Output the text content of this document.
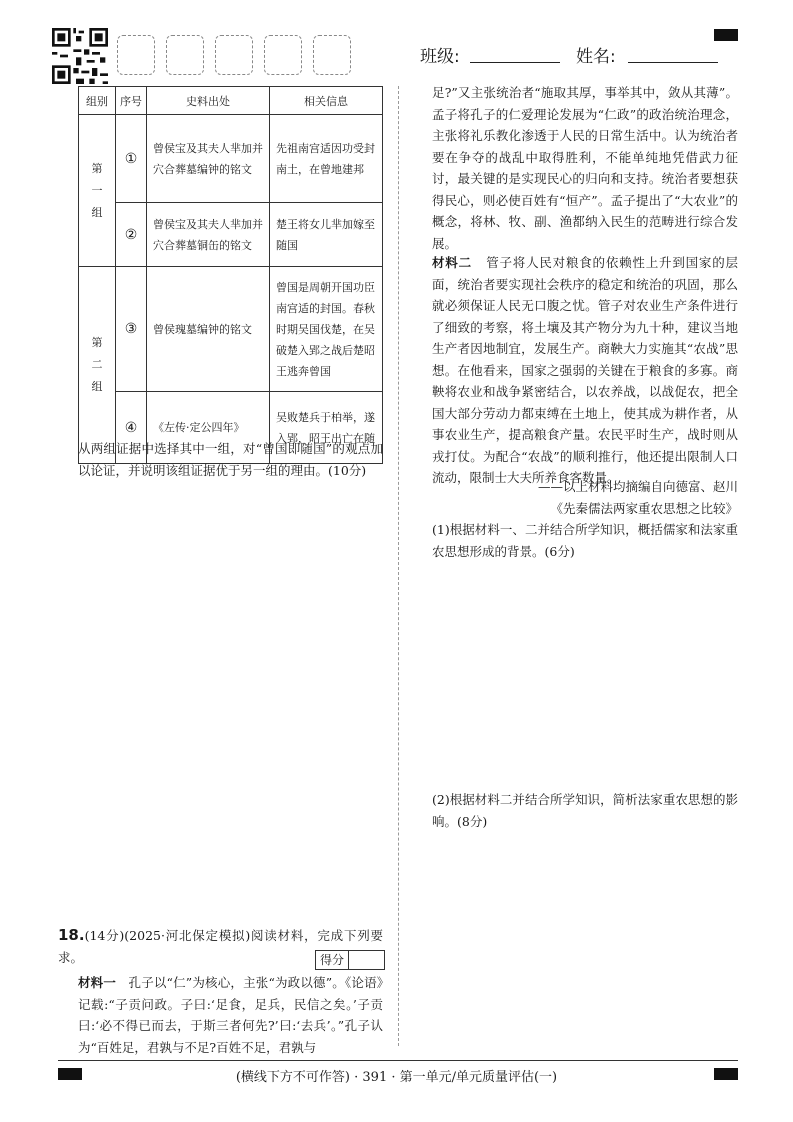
班级:	姓名:
组别	序号	史料出处	相关信息

第一组	①	曾侯宝及其夫人芈加并穴合葬墓编钟的铭文	先祖南宫适因功受封南土，在曾地建邦
	②	曾侯宝及其夫人芈加并穴合葬墓铜缶的铭文	楚王将女儿芈加嫁至随国

第二组	③	曾侯瑰墓编钟的铭文	曾国是周朝开国功臣南宫适的封国。春秋时期吴国伐楚，在吴破楚入郢之战后楚昭王逃奔曾国
	④	《左传·定公四年》	吴败楚兵于柏举，遂入郢，昭王出亡在随
从两组证据中选择其中一组，对“曾国即随国”的观点加以论证，并说明该组证据优于另一组的理由。(10分)
18.(14分)(2025·河北保定模拟)阅读材料，完成下列要求。	得分
材料一 孔子以“仁”为核心，主张“为政以德”。《论语》记载:“子贡问政。子曰:‘足食，足兵，民信之矣。’子贡曰:‘必不得已而去，于斯三者何先?’曰:‘去兵’。”孔子认为“百姓足，君孰与不足?百姓不足，君孰与
足?”又主张统治者“施取其厚，事举其中，敛从其薄”。孟子将孔子的仁爱理论发展为“仁政”的政治统治理念，主张将礼乐教化渗透于人民的日常生活中。认为统治者要在争夺的战乱中取得胜利，不能单纯地凭借武力征讨，最关键的是实现民心的归向和支持。统治者要想获得民心，则必使百姓有“恒产”。孟子提出了“大农业”的概念，将林、牧、副、渔都纳入民生的范畴进行综合发展。
材料二 管子将人民对粮食的依赖性上升到国家的层面，统治者要实现社会秩序的稳定和统治的巩固，那么就必须保证人民无口腹之忧。管子对农业生产条件进行了细致的考察，将土壤及其产物分为九十种，建议当地生产者因地制宜，发展生产。商鞅大力实施其“农战”思想。在他看来，国家之强弱的关键在于粮食的多寡。商鞅将农业和战争紧密结合，以农养战，以战促农，把全国大部分劳动力都束缚在土地上，使其成为耕作者，从事农业生产，提高粮食产量。农民平时生产，战时则从戎打仗。为配合“农战”的顺利推行，他还提出限制人口流动，限制士大夫所养食客数量。
——以上材料均摘编自向德富、赵川
《先秦儒法两家重农思想之比较》
(1)根据材料一、二并结合所学知识，概括儒家和法家重农思想形成的背景。(6分)
(2)根据材料二并结合所学知识，简析法家重农思想的影响。(8分)
(横线下方不可作答) · 391 · 第一单元/单元质量评估(一)
